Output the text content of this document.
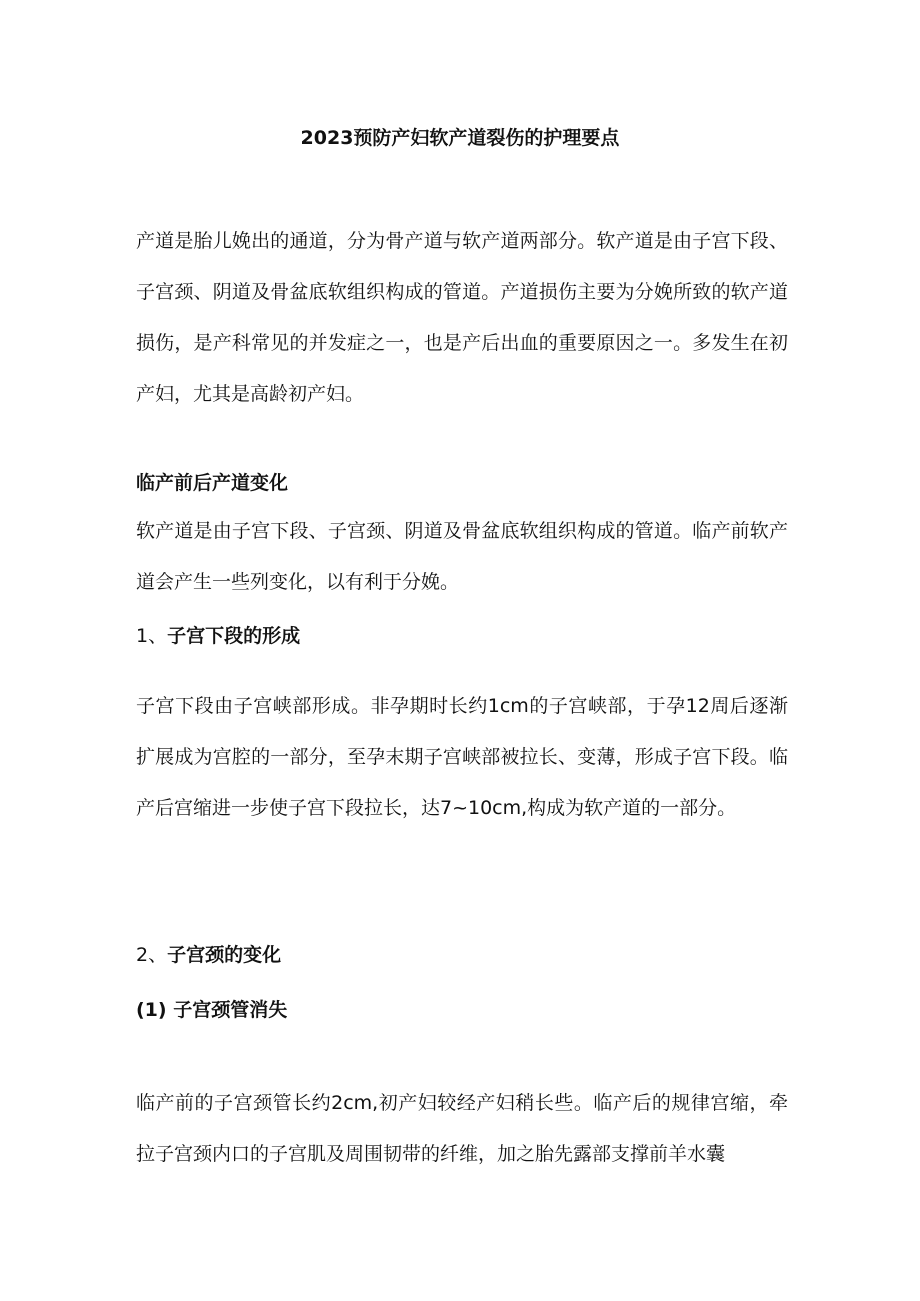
2023预防产妇软产道裂伤的护理要点

产道是胎儿娩出的通道，分为骨产道与软产道两部分。软产道是由子宫下段、子宫颈、阴道及骨盆底软组织构成的管道。产道损伤主要为分娩所致的软产道损伤，是产科常见的并发症之一，也是产后出血的重要原因之一。多发生在初产妇，尤其是高龄初产妇。

临产前后产道变化

软产道是由子宫下段、子宫颈、阴道及骨盆底软组织构成的管道。临产前软产道会产生一些列变化，以有利于分娩。

1、子宫下段的形成

子宫下段由子宫峡部形成。非孕期时长约1cm的子宫峡部，于孕12周后逐渐扩展成为宫腔的一部分，至孕末期子宫峡部被拉长、变薄，形成子宫下段。临产后宫缩进一步使子宫下段拉长，达7~10cm,构成为软产道的一部分。

2、子宫颈的变化

(1) 子宫颈管消失

临产前的子宫颈管长约2cm,初产妇较经产妇稍长些。临产后的规律宫缩，牵拉子宫颈内口的子宫肌及周围韧带的纤维，加之胎先露部支撑前羊水囊
